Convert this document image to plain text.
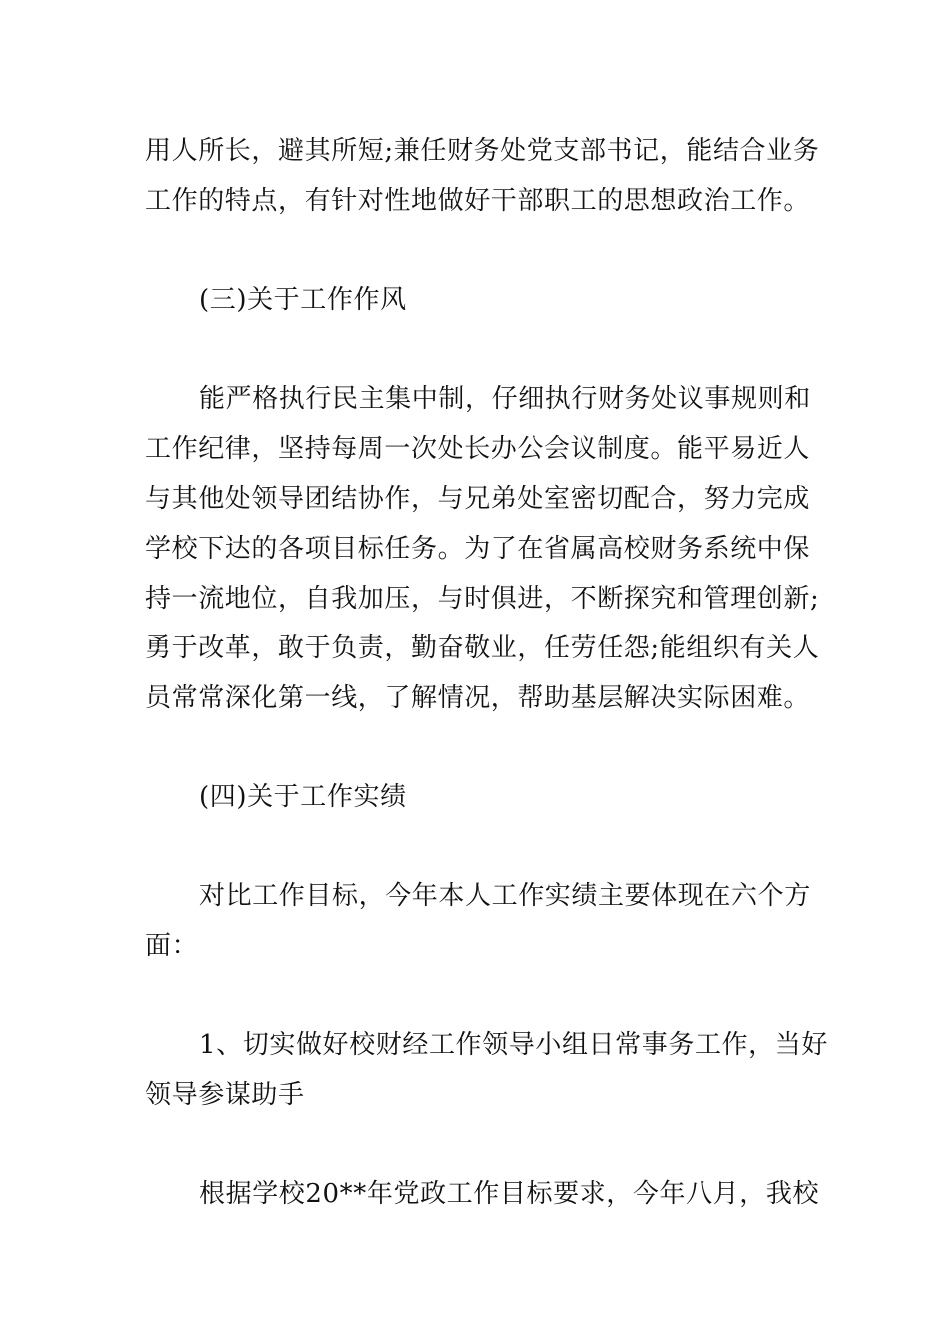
用人所长，避其所短;兼任财务处党支部书记，能结合业务
工作的特点，有针对性地做好干部职工的思想政治工作。
(三)关于工作作风
能严格执行民主集中制，仔细执行财务处议事规则和
工作纪律，坚持每周一次处长办公会议制度。能平易近人
与其他处领导团结协作，与兄弟处室密切配合，努力完成
学校下达的各项目标任务。为了在省属高校财务系统中保
持一流地位，自我加压，与时俱进，不断探究和管理创新;
勇于改革，敢于负责，勤奋敬业，任劳任怨;能组织有关人
员常常深化第一线，了解情况，帮助基层解决实际困难。
(四)关于工作实绩
对比工作目标，今年本人工作实绩主要体现在六个方
面：
1、切实做好校财经工作领导小组日常事务工作，当好
领导参谋助手
根据学校20**年党政工作目标要求，今年八月，我校
